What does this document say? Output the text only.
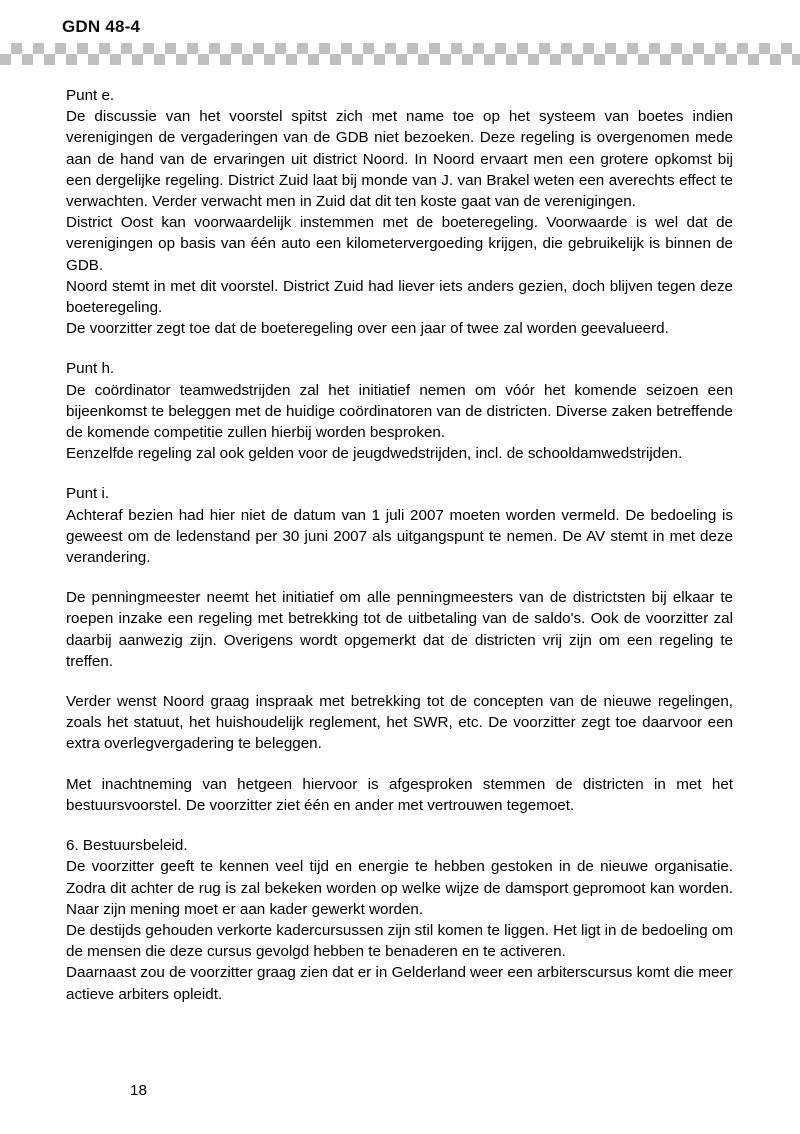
GDN 48-4

Punt e.

De discussie van het voorstel spitst zich met name toe op het systeem van boetes indien verenigingen de vergaderingen van de GDB niet bezoeken. Deze regeling is overgenomen mede aan de hand van de ervaringen uit district Noord. In Noord ervaart men een grotere opkomst bij een dergelijke regeling. District Zuid laat bij monde van J. van Brakel weten een averechts effect te verwachten. Verder verwacht men in Zuid dat dit ten koste gaat van de verenigingen.

District Oost kan voorwaardelijk instemmen met de boeteregeling. Voorwaarde is wel dat de verenigingen op basis van één auto een kilometervergoeding krijgen, die gebruikelijk is binnen de GDB.

Noord stemt in met dit voorstel. District Zuid had liever iets anders gezien, doch blijven tegen deze boeteregeling.

De voorzitter zegt toe dat de boeteregeling over een jaar of twee zal worden geevalueerd.

Punt h.

De coördinator teamwedstrijden zal het initiatief nemen om vóór het komende seizoen een bijeenkomst te beleggen met de huidige coördinatoren van de districten. Diverse zaken betreffende de komende competitie zullen hierbij worden besproken.

Eenzelfde regeling zal ook gelden voor de jeugdwedstrijden, incl. de schooldamwedstrijden.

Punt i.

Achteraf bezien had hier niet de datum van 1 juli 2007 moeten worden vermeld. De bedoeling is geweest om de ledenstand per 30 juni 2007 als uitgangspunt te nemen. De AV stemt in met deze verandering.

De penningmeester neemt het initiatief om alle penningmeesters van de districtsten bij elkaar te roepen inzake een regeling met betrekking tot de uitbetaling van de saldo's. Ook de voorzitter zal daarbij aanwezig zijn. Overigens wordt opgemerkt dat de districten vrij zijn om een regeling te treffen.

Verder wenst Noord graag inspraak met betrekking tot de concepten van de nieuwe regelingen, zoals het statuut, het huishoudelijk reglement, het SWR, etc. De voorzitter zegt toe daarvoor een extra overlegvergadering te beleggen.

Met inachtneming van hetgeen hiervoor is afgesproken stemmen de districten in met het bestuursvoorstel. De voorzitter ziet één en ander met vertrouwen tegemoet.

6. Bestuursbeleid.

De voorzitter geeft te kennen veel tijd en energie te hebben gestoken in de nieuwe organisatie. Zodra dit achter de rug is zal bekeken worden op welke wijze de damsport gepromoot kan worden. Naar zijn mening moet er aan kader gewerkt worden.

De destijds gehouden verkorte kadercursussen zijn stil komen te liggen. Het ligt in de bedoeling om de mensen die deze cursus gevolgd hebben te benaderen en te activeren.

Daarnaast zou de voorzitter graag zien dat er in Gelderland weer een arbiterscursus komt die meer actieve arbiters opleidt.

18
